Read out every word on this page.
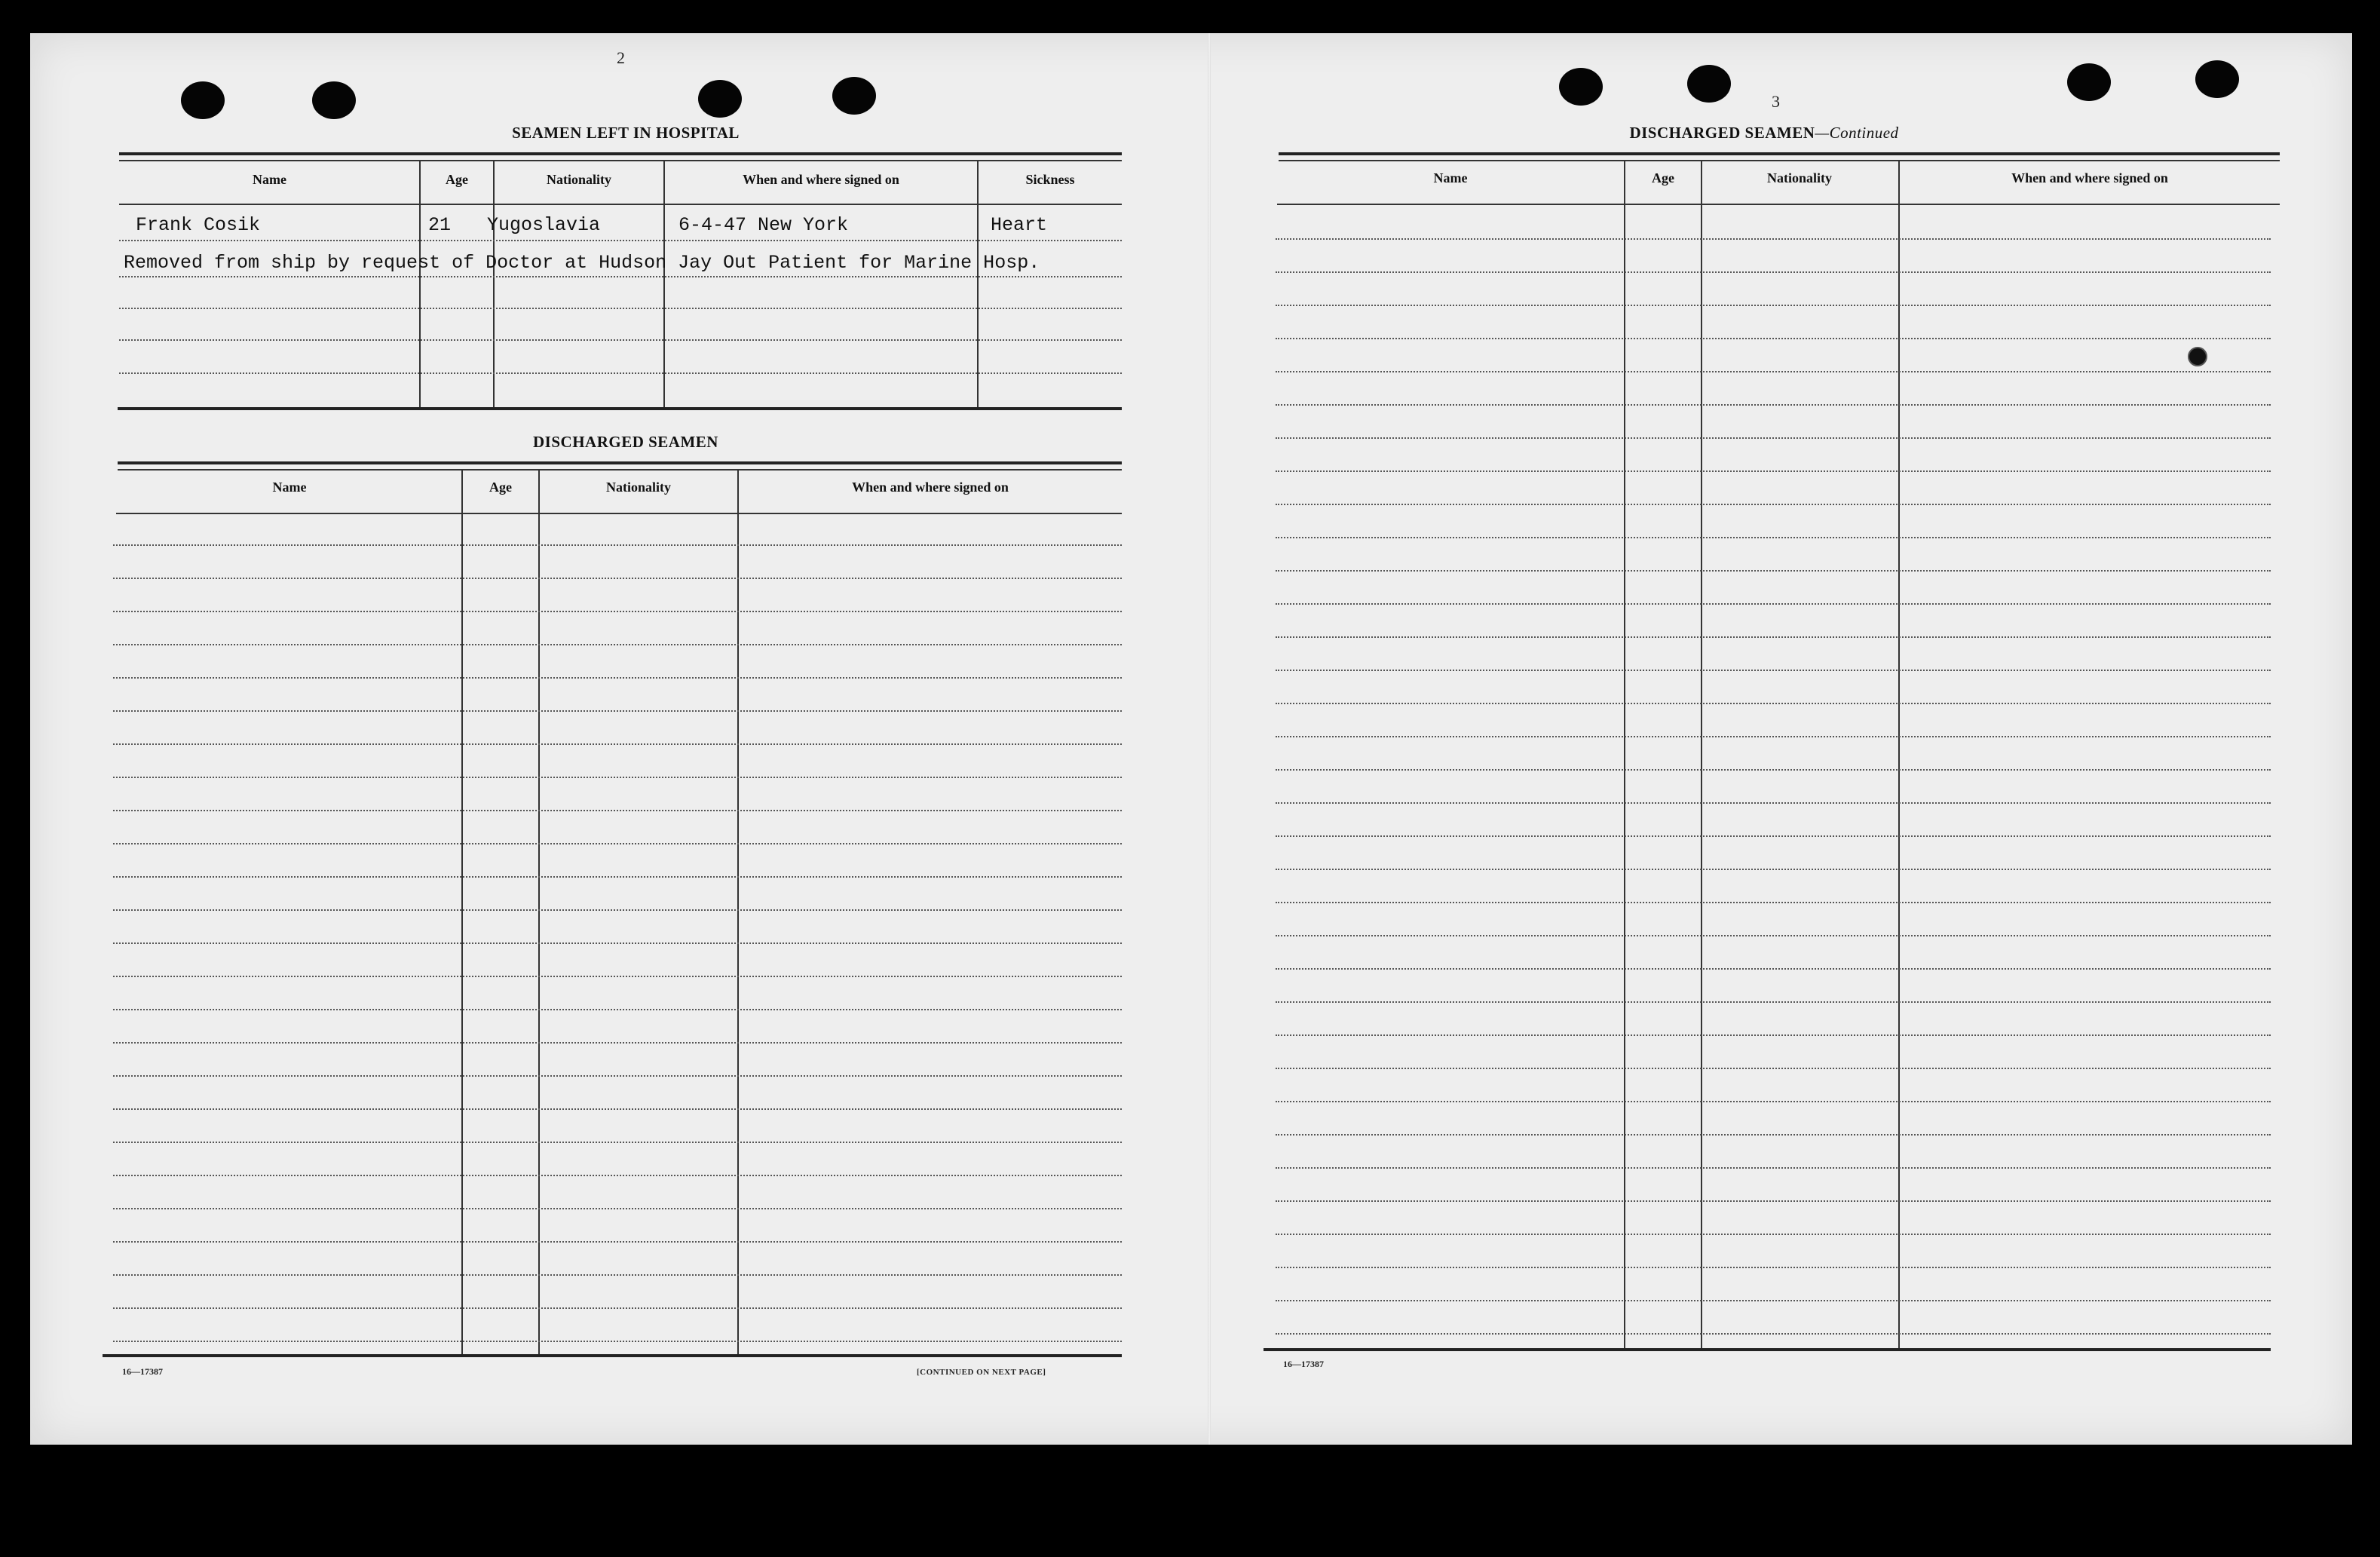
2
SEAMEN LEFT IN HOSPITAL
Name	Age	Nationality	When and where signed on	Sickness
Frank Cosik	21 Yugoslavia	6-4-47 New York	Heart
Removed from ship by request of Doctor at Hudson Jay Out Patient for Marine Hosp.
DISCHARGED SEAMEN
Name	Age	Nationality	When and where signed on
16—17387	[CONTINUED ON NEXT PAGE]
3
DISCHARGED SEAMEN—Continued
Name	Age	Nationality	When and where signed on
16—17387
